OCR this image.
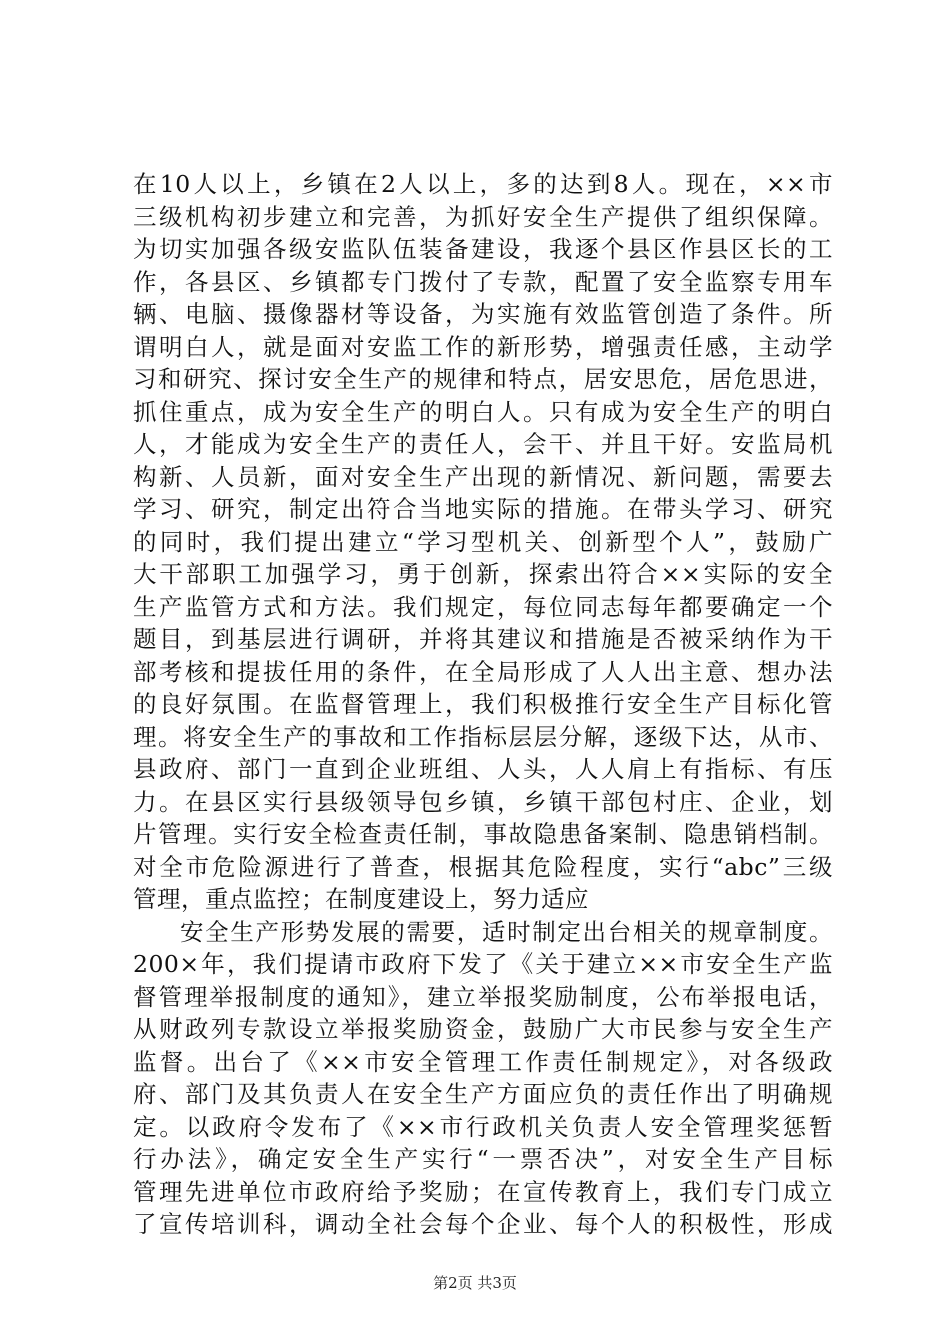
在10人以上，乡镇在2人以上，多的达到8人。现在，××市
三级机构初步建立和完善，为抓好安全生产提供了组织保障。
为切实加强各级安监队伍装备建设，我逐个县区作县区长的工
作，各县区、乡镇都专门拨付了专款，配置了安全监察专用车
辆、电脑、摄像器材等设备，为实施有效监管创造了条件。所
谓明白人，就是面对安监工作的新形势，增强责任感，主动学
习和研究、探讨安全生产的规律和特点，居安思危，居危思进，
抓住重点，成为安全生产的明白人。只有成为安全生产的明白
人，才能成为安全生产的责任人，会干、并且干好。安监局机
构新、人员新，面对安全生产出现的新情况、新问题，需要去
学习、研究，制定出符合当地实际的措施。在带头学习、研究
的同时，我们提出建立“学习型机关、创新型个人”，鼓励广
大干部职工加强学习，勇于创新，探索出符合××实际的安全
生产监管方式和方法。我们规定，每位同志每年都要确定一个
题目，到基层进行调研，并将其建议和措施是否被采纳作为干
部考核和提拔任用的条件，在全局形成了人人出主意、想办法
的良好氛围。在监督管理上，我们积极推行安全生产目标化管
理。将安全生产的事故和工作指标层层分解，逐级下达，从市、
县政府、部门一直到企业班组、人头，人人肩上有指标、有压
力。在县区实行县级领导包乡镇，乡镇干部包村庄、企业，划
片管理。实行安全检查责任制，事故隐患备案制、隐患销档制。
对全市危险源进行了普查，根据其危险程度，实行“abc”三级
管理，重点监控；在制度建设上，努力适应
安全生产形势发展的需要，适时制定出台相关的规章制度。
200×年，我们提请市政府下发了《关于建立××市安全生产监
督管理举报制度的通知》，建立举报奖励制度，公布举报电话，
从财政列专款设立举报奖励资金，鼓励广大市民参与安全生产
监督。出台了《××市安全管理工作责任制规定》，对各级政
府、部门及其负责人在安全生产方面应负的责任作出了明确规
定。以政府令发布了《××市行政机关负责人安全管理奖惩暂
行办法》，确定安全生产实行“一票否决”，对安全生产目标
管理先进单位市政府给予奖励；在宣传教育上，我们专门成立
了宣传培训科，调动全社会每个企业、每个人的积极性，形成
第2页 共3页
